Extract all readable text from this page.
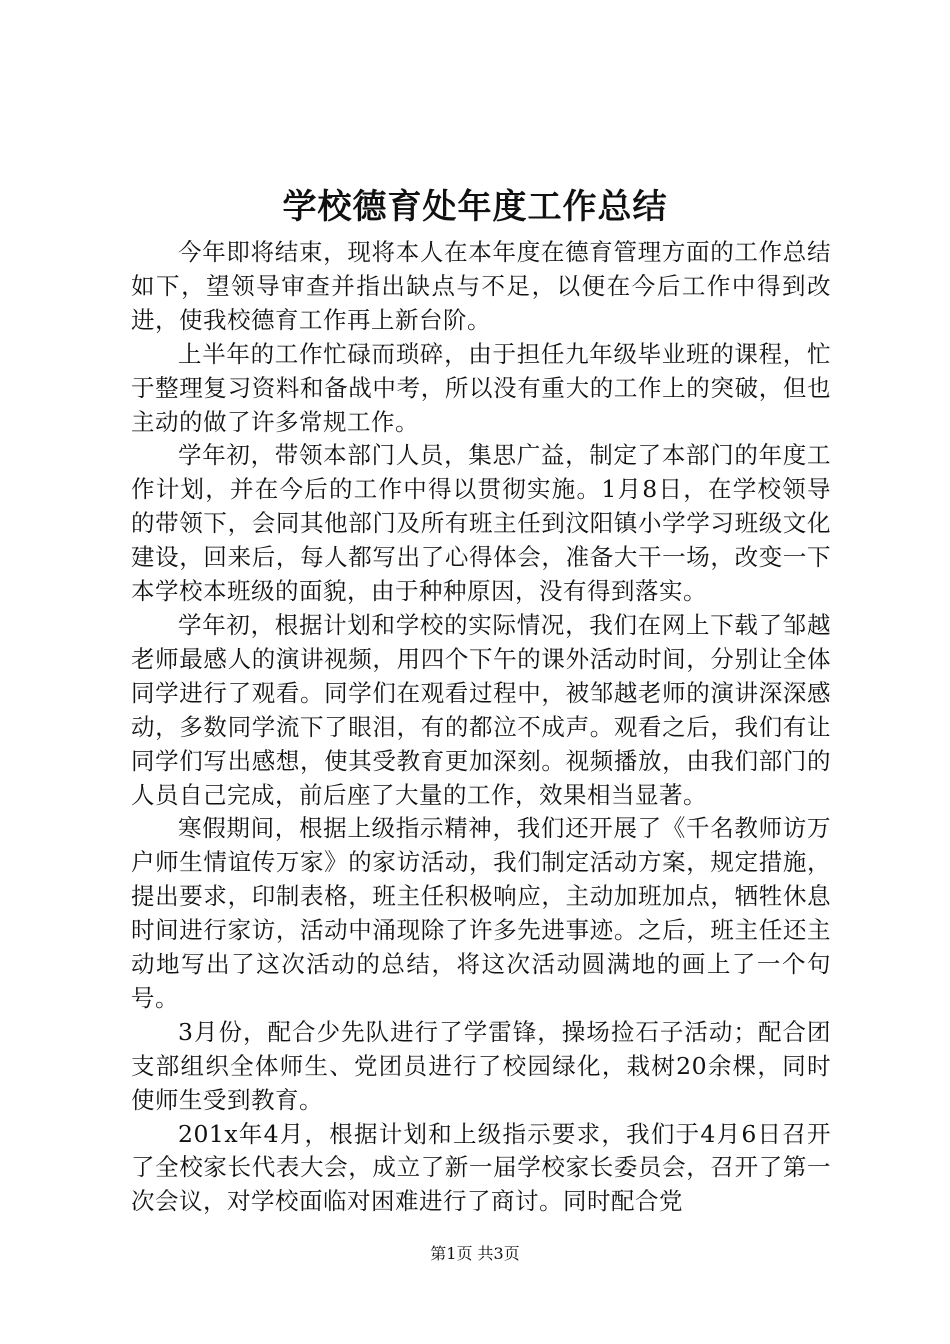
学校德育处年度工作总结

今年即将结束，现将本人在本年度在德育管理方面的工作总结如下，望领导审查并指出缺点与不足，以便在今后工作中得到改进，使我校德育工作再上新台阶。

上半年的工作忙碌而琐碎，由于担任九年级毕业班的课程，忙于整理复习资料和备战中考，所以没有重大的工作上的突破，但也主动的做了许多常规工作。

学年初，带领本部门人员，集思广益，制定了本部门的年度工作计划，并在今后的工作中得以贯彻实施。1月8日，在学校领导的带领下，会同其他部门及所有班主任到汶阳镇小学学习班级文化建设，回来后，每人都写出了心得体会，准备大干一场，改变一下本学校本班级的面貌，由于种种原因，没有得到落实。

学年初，根据计划和学校的实际情况，我们在网上下载了邹越老师最感人的演讲视频，用四个下午的课外活动时间，分别让全体同学进行了观看。同学们在观看过程中，被邹越老师的演讲深深感动，多数同学流下了眼泪，有的都泣不成声。观看之后，我们有让同学们写出感想，使其受教育更加深刻。视频播放，由我们部门的人员自己完成，前后座了大量的工作，效果相当显著。

寒假期间，根据上级指示精神，我们还开展了《千名教师访万户师生情谊传万家》的家访活动，我们制定活动方案，规定措施，提出要求，印制表格，班主任积极响应，主动加班加点，牺牲休息时间进行家访，活动中涌现除了许多先进事迹。之后，班主任还主动地写出了这次活动的总结，将这次活动圆满地的画上了一个句号。

3月份，配合少先队进行了学雷锋，操场捡石子活动；配合团支部组织全体师生、党团员进行了校园绿化，栽树20余棵，同时使师生受到教育。

201x年4月，根据计划和上级指示要求，我们于4月6日召开了全校家长代表大会，成立了新一届学校家长委员会，召开了第一次会议，对学校面临对困难进行了商讨。同时配合党

第1页 共3页
